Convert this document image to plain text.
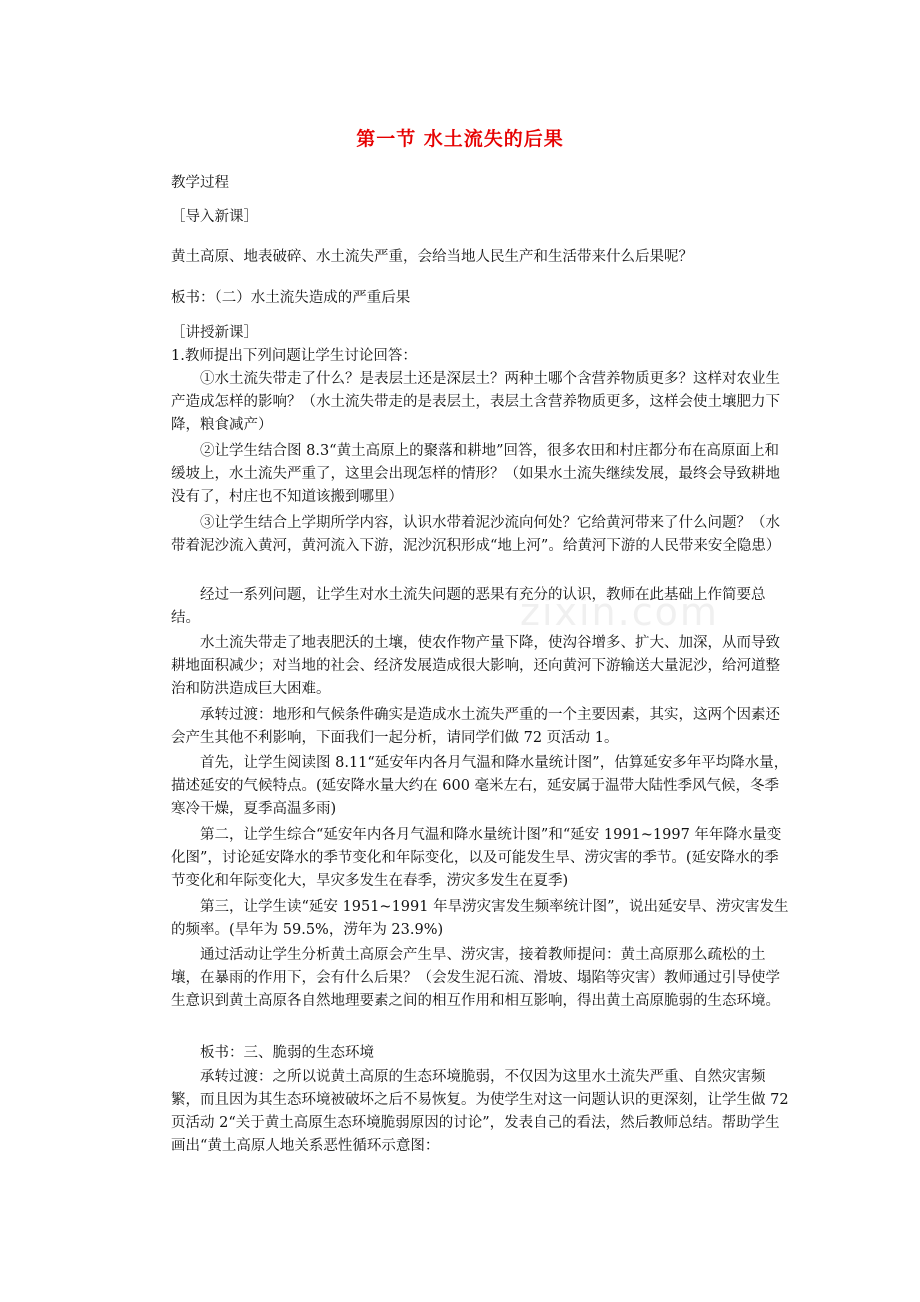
zixin.com
第一节 水土流失的后果

教学过程

［导入新课］

黄土高原、地表破碎、水土流失严重，会给当地人民生产和生活带来什么后果呢？

板书：（二）水土流失造成的严重后果

［讲授新课］

1.教师提出下列问题让学生讨论回答：

①水土流失带走了什么？是表层土还是深层土？两种土哪个含营养物质更多？这样对农业生产造成怎样的影响？（水土流失带走的是表层土，表层土含营养物质更多，这样会使土壤肥力下降，粮食减产）

②让学生结合图 8.3“黄土高原上的聚落和耕地”回答，很多农田和村庄都分布在高原面上和缓坡上，水土流失严重了，这里会出现怎样的情形？（如果水土流失继续发展，最终会导致耕地没有了，村庄也不知道该搬到哪里）

③让学生结合上学期所学内容，认识水带着泥沙流向何处？它给黄河带来了什么问题？（水带着泥沙流入黄河，黄河流入下游，泥沙沉积形成“地上河”。给黄河下游的人民带来安全隐患）

经过一系列问题，让学生对水土流失问题的恶果有充分的认识，教师在此基础上作简要总结。

水土流失带走了地表肥沃的土壤，使农作物产量下降，使沟谷增多、扩大、加深，从而导致耕地面积减少；对当地的社会、经济发展造成很大影响，还向黄河下游输送大量泥沙，给河道整治和防洪造成巨大困难。

承转过渡：地形和气候条件确实是造成水土流失严重的一个主要因素，其实，这两个因素还会产生其他不利影响，下面我们一起分析，请同学们做 72 页活动 1。

首先，让学生阅读图 8.11“延安年内各月气温和降水量统计图”，估算延安多年平均降水量，描述延安的气候特点。(延安降水量大约在 600 毫米左右，延安属于温带大陆性季风气候，冬季寒冷干燥，夏季高温多雨)

第二，让学生综合“延安年内各月气温和降水量统计图”和“延安 1991~1997 年年降水量变化图”，讨论延安降水的季节变化和年际变化，以及可能发生旱、涝灾害的季节。(延安降水的季节变化和年际变化大，旱灾多发生在春季，涝灾多发生在夏季)

第三，让学生读“延安 1951~1991 年旱涝灾害发生频率统计图”，说出延安旱、涝灾害发生的频率。(旱年为 59.5%，涝年为 23.9%)

通过活动让学生分析黄土高原会产生旱、涝灾害，接着教师提问：黄土高原那么疏松的土壤，在暴雨的作用下，会有什么后果？（会发生泥石流、滑坡、塌陷等灾害）教师通过引导使学生意识到黄土高原各自然地理要素之间的相互作用和相互影响，得出黄土高原脆弱的生态环境。

板书：三、脆弱的生态环境

承转过渡：之所以说黄土高原的生态环境脆弱，不仅因为这里水土流失严重、自然灾害频繁，而且因为其生态环境被破坏之后不易恢复。为使学生对这一问题认识的更深刻，让学生做 72 页活动 2“关于黄土高原生态环境脆弱原因的讨论”，发表自己的看法，然后教师总结。帮助学生画出“黄土高原人地关系恶性循环示意图：
